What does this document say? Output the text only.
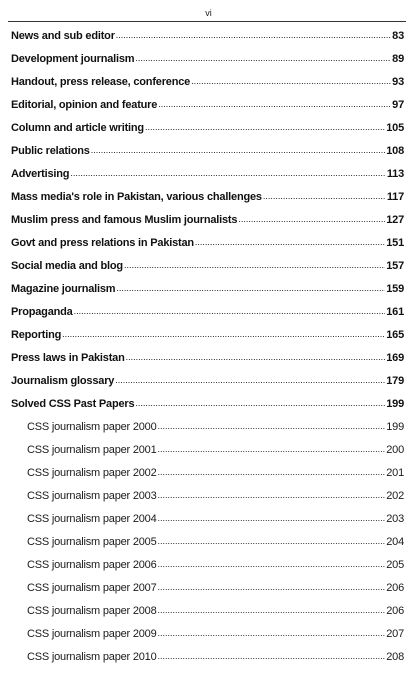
vi
News and sub editor .....	83
Development journalism .....	89
Handout, press release, conference .....	93
Editorial, opinion and feature .....	97
Column and article writing .....	105
Public relations .....	108
Advertising .....	113
Mass media's role in Pakistan, various challenges .....	117
Muslim press and famous Muslim journalists .....	127
Govt and press relations in Pakistan .....	151
Social media and blog .....	157
Magazine journalism .....	159
Propaganda .....	161
Reporting .....	165
Press laws in Pakistan .....	169
Journalism glossary .....	179
Solved CSS Past Papers .....	199
CSS journalism paper 2000 .....	199
CSS journalism paper 2001 .....	200
CSS journalism paper 2002 .....	201
CSS journalism paper 2003 .....	202
CSS journalism paper 2004 .....	203
CSS journalism paper 2005 .....	204
CSS journalism paper 2006 .....	205
CSS journalism paper 2007 .....	206
CSS journalism paper 2008 .....	206
CSS journalism paper 2009 .....	207
CSS journalism paper 2010 .....	208
